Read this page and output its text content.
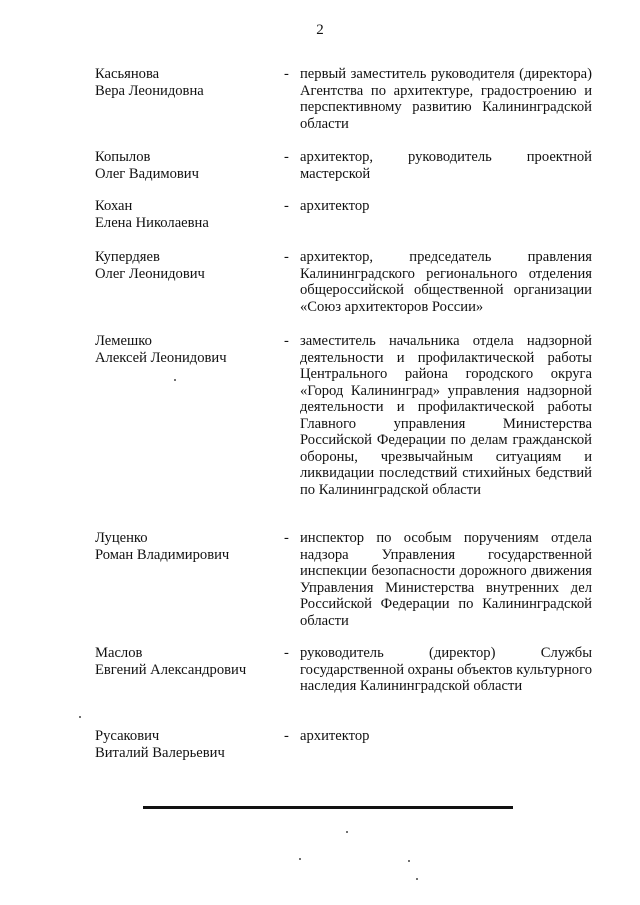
2
Касьянова
Вера Леонидовна
- первый заместитель руководителя (директора) Агентства по архитектуре, градостроению и перспективному развитию Калининградской области
Копылов
Олег Вадимович
- архитектор, руководитель проектной мастерской
Кохан
Елена Николаевна
- архитектор
Купердяев
Олег Леонидович
- архитектор, председатель правления Калининградского регионального отделения общероссийской общественной организации «Союз архитекторов России»
Лемешко
Алексей Леонидович
- заместитель начальника отдела надзорной деятельности и профилактической работы Центрального района городского округа «Город Калининград» управления надзорной деятельности и профилактической работы Главного управления Министерства Российской Федерации по делам гражданской обороны, чрезвычайным ситуациям и ликвидации последствий стихийных бедствий по Калининградской области
Луценко
Роман Владимирович
- инспектор по особым поручениям отдела надзора Управления государственной инспекции безопасности дорожного движения Управления Министерства внутренних дел Российской Федерации по Калининградской области
Маслов
Евгений Александрович
- руководитель (директор) Службы государственной охраны объектов культурного наследия Калининградской области
Русакович
Виталий Валерьевич
- архитектор
